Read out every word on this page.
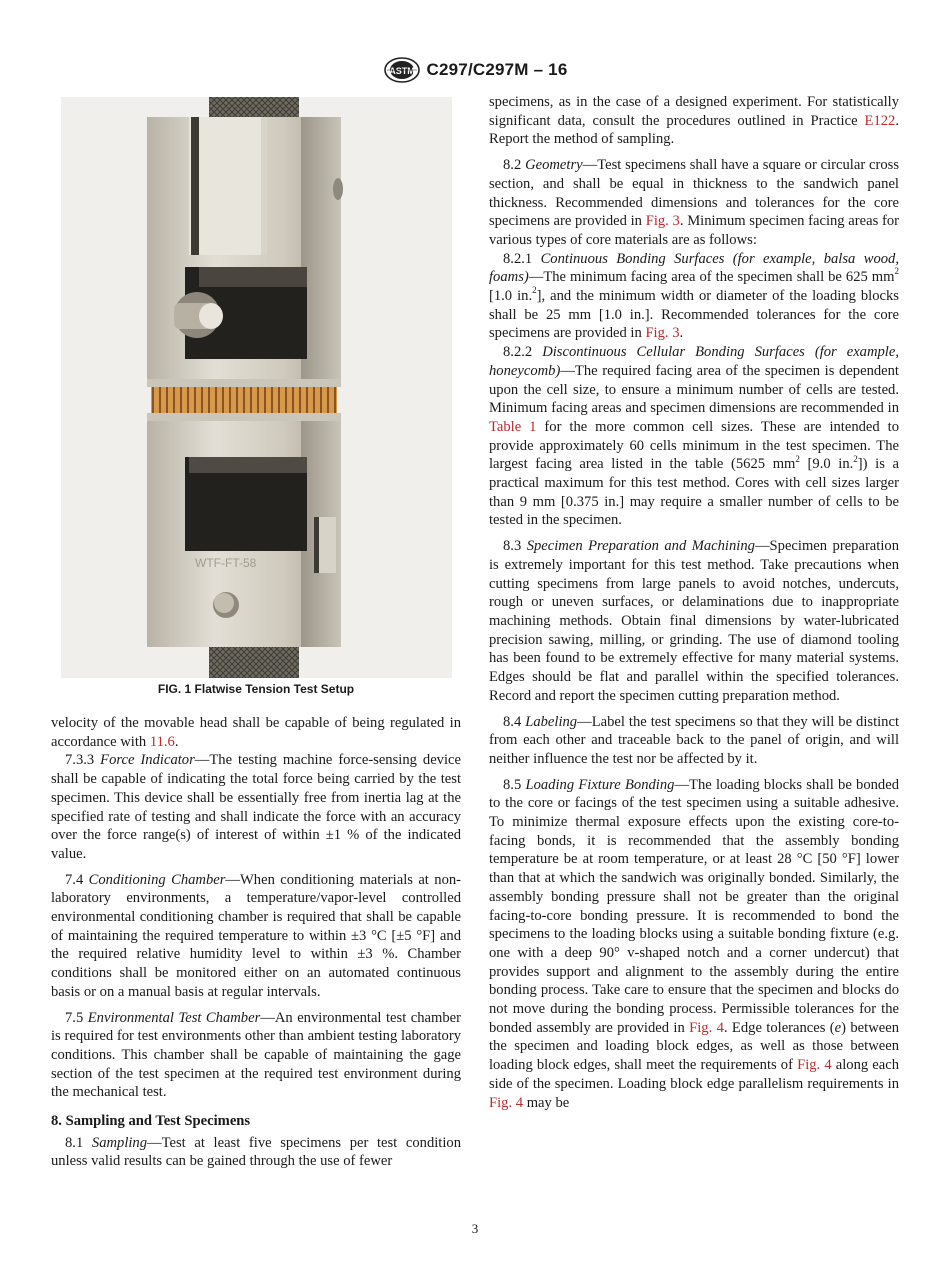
ASTM C297/C297M – 16
WTF-FT-58
FIG. 1 Flatwise Tension Test Setup

velocity of the movable head shall be capable of being regulated in accordance with 11.6.

7.3.3 Force Indicator—The testing machine force-sensing device shall be capable of indicating the total force being carried by the test specimen. This device shall be essentially free from inertia lag at the specified rate of testing and shall indicate the force with an accuracy over the force range(s) of interest of within ±1 % of the indicated value.

7.4 Conditioning Chamber—When conditioning materials at non-laboratory environments, a temperature/vapor-level controlled environmental conditioning chamber is required that shall be capable of maintaining the required temperature to within ±3 °C [±5 °F] and the required relative humidity level to within ±3 %. Chamber conditions shall be monitored either on an automated continuous basis or on a manual basis at regular intervals.

7.5 Environmental Test Chamber—An environmental test chamber is required for test environments other than ambient testing laboratory conditions. This chamber shall be capable of maintaining the gage section of the test specimen at the required test environment during the mechanical test.

8. Sampling and Test Specimens

8.1 Sampling—Test at least five specimens per test condition unless valid results can be gained through the use of fewer

specimens, as in the case of a designed experiment. For statistically significant data, consult the procedures outlined in Practice E122. Report the method of sampling.

8.2 Geometry—Test specimens shall have a square or circular cross section, and shall be equal in thickness to the sandwich panel thickness. Recommended dimensions and tolerances for the core specimens are provided in Fig. 3. Minimum specimen facing areas for various types of core materials are as follows:

8.2.1 Continuous Bonding Surfaces (for example, balsa wood, foams)—The minimum facing area of the specimen shall be 625 $mm^2$ [1.0 in.$^2$], and the minimum width or diameter of the loading blocks shall be 25 mm [1.0 in.]. Recommended tolerances for the core specimens are provided in Fig. 3.

8.2.2 Discontinuous Cellular Bonding Surfaces (for example, honeycomb)—The required facing area of the specimen is dependent upon the cell size, to ensure a minimum number of cells are tested. Minimum facing areas and specimen dimensions are recommended in Table 1 for the more common cell sizes. These are intended to provide approximately 60 cells minimum in the test specimen. The largest facing area listed in the table (5625 $mm^2$ [9.0 in.$^2$]) is a practical maximum for this test method. Cores with cell sizes larger than 9 mm [0.375 in.] may require a smaller number of cells to be tested in the specimen.

8.3 Specimen Preparation and Machining—Specimen preparation is extremely important for this test method. Take precautions when cutting specimens from large panels to avoid notches, undercuts, rough or uneven surfaces, or delaminations due to inappropriate machining methods. Obtain final dimensions by water-lubricated precision sawing, milling, or grinding. The use of diamond tooling has been found to be extremely effective for many material systems. Edges should be flat and parallel within the specified tolerances. Record and report the specimen cutting preparation method.

8.4 Labeling—Label the test specimens so that they will be distinct from each other and traceable back to the panel of origin, and will neither influence the test nor be affected by it.

8.5 Loading Fixture Bonding—The loading blocks shall be bonded to the core or facings of the test specimen using a suitable adhesive. To minimize thermal exposure effects upon the existing core-to-facing bonds, it is recommended that the assembly bonding temperature be at room temperature, or at least 28 °C [50 °F] lower than that at which the sandwich was originally bonded. Similarly, the assembly bonding pressure shall not be greater than the original facing-to-core bonding pressure. It is recommended to bond the specimens to the loading blocks using a suitable bonding fixture (e.g. one with a deep 90° v-shaped notch and a corner undercut) that provides support and alignment to the assembly during the entire bonding process. Take care to ensure that the specimen and blocks do not move during the bonding process. Permissible tolerances for the bonded assembly are provided in Fig. 4. Edge tolerances (e) between the specimen and loading block edges, as well as those between loading block edges, shall meet the requirements of Fig. 4 along each side of the specimen. Loading block edge parallelism requirements in Fig. 4 may be

3
